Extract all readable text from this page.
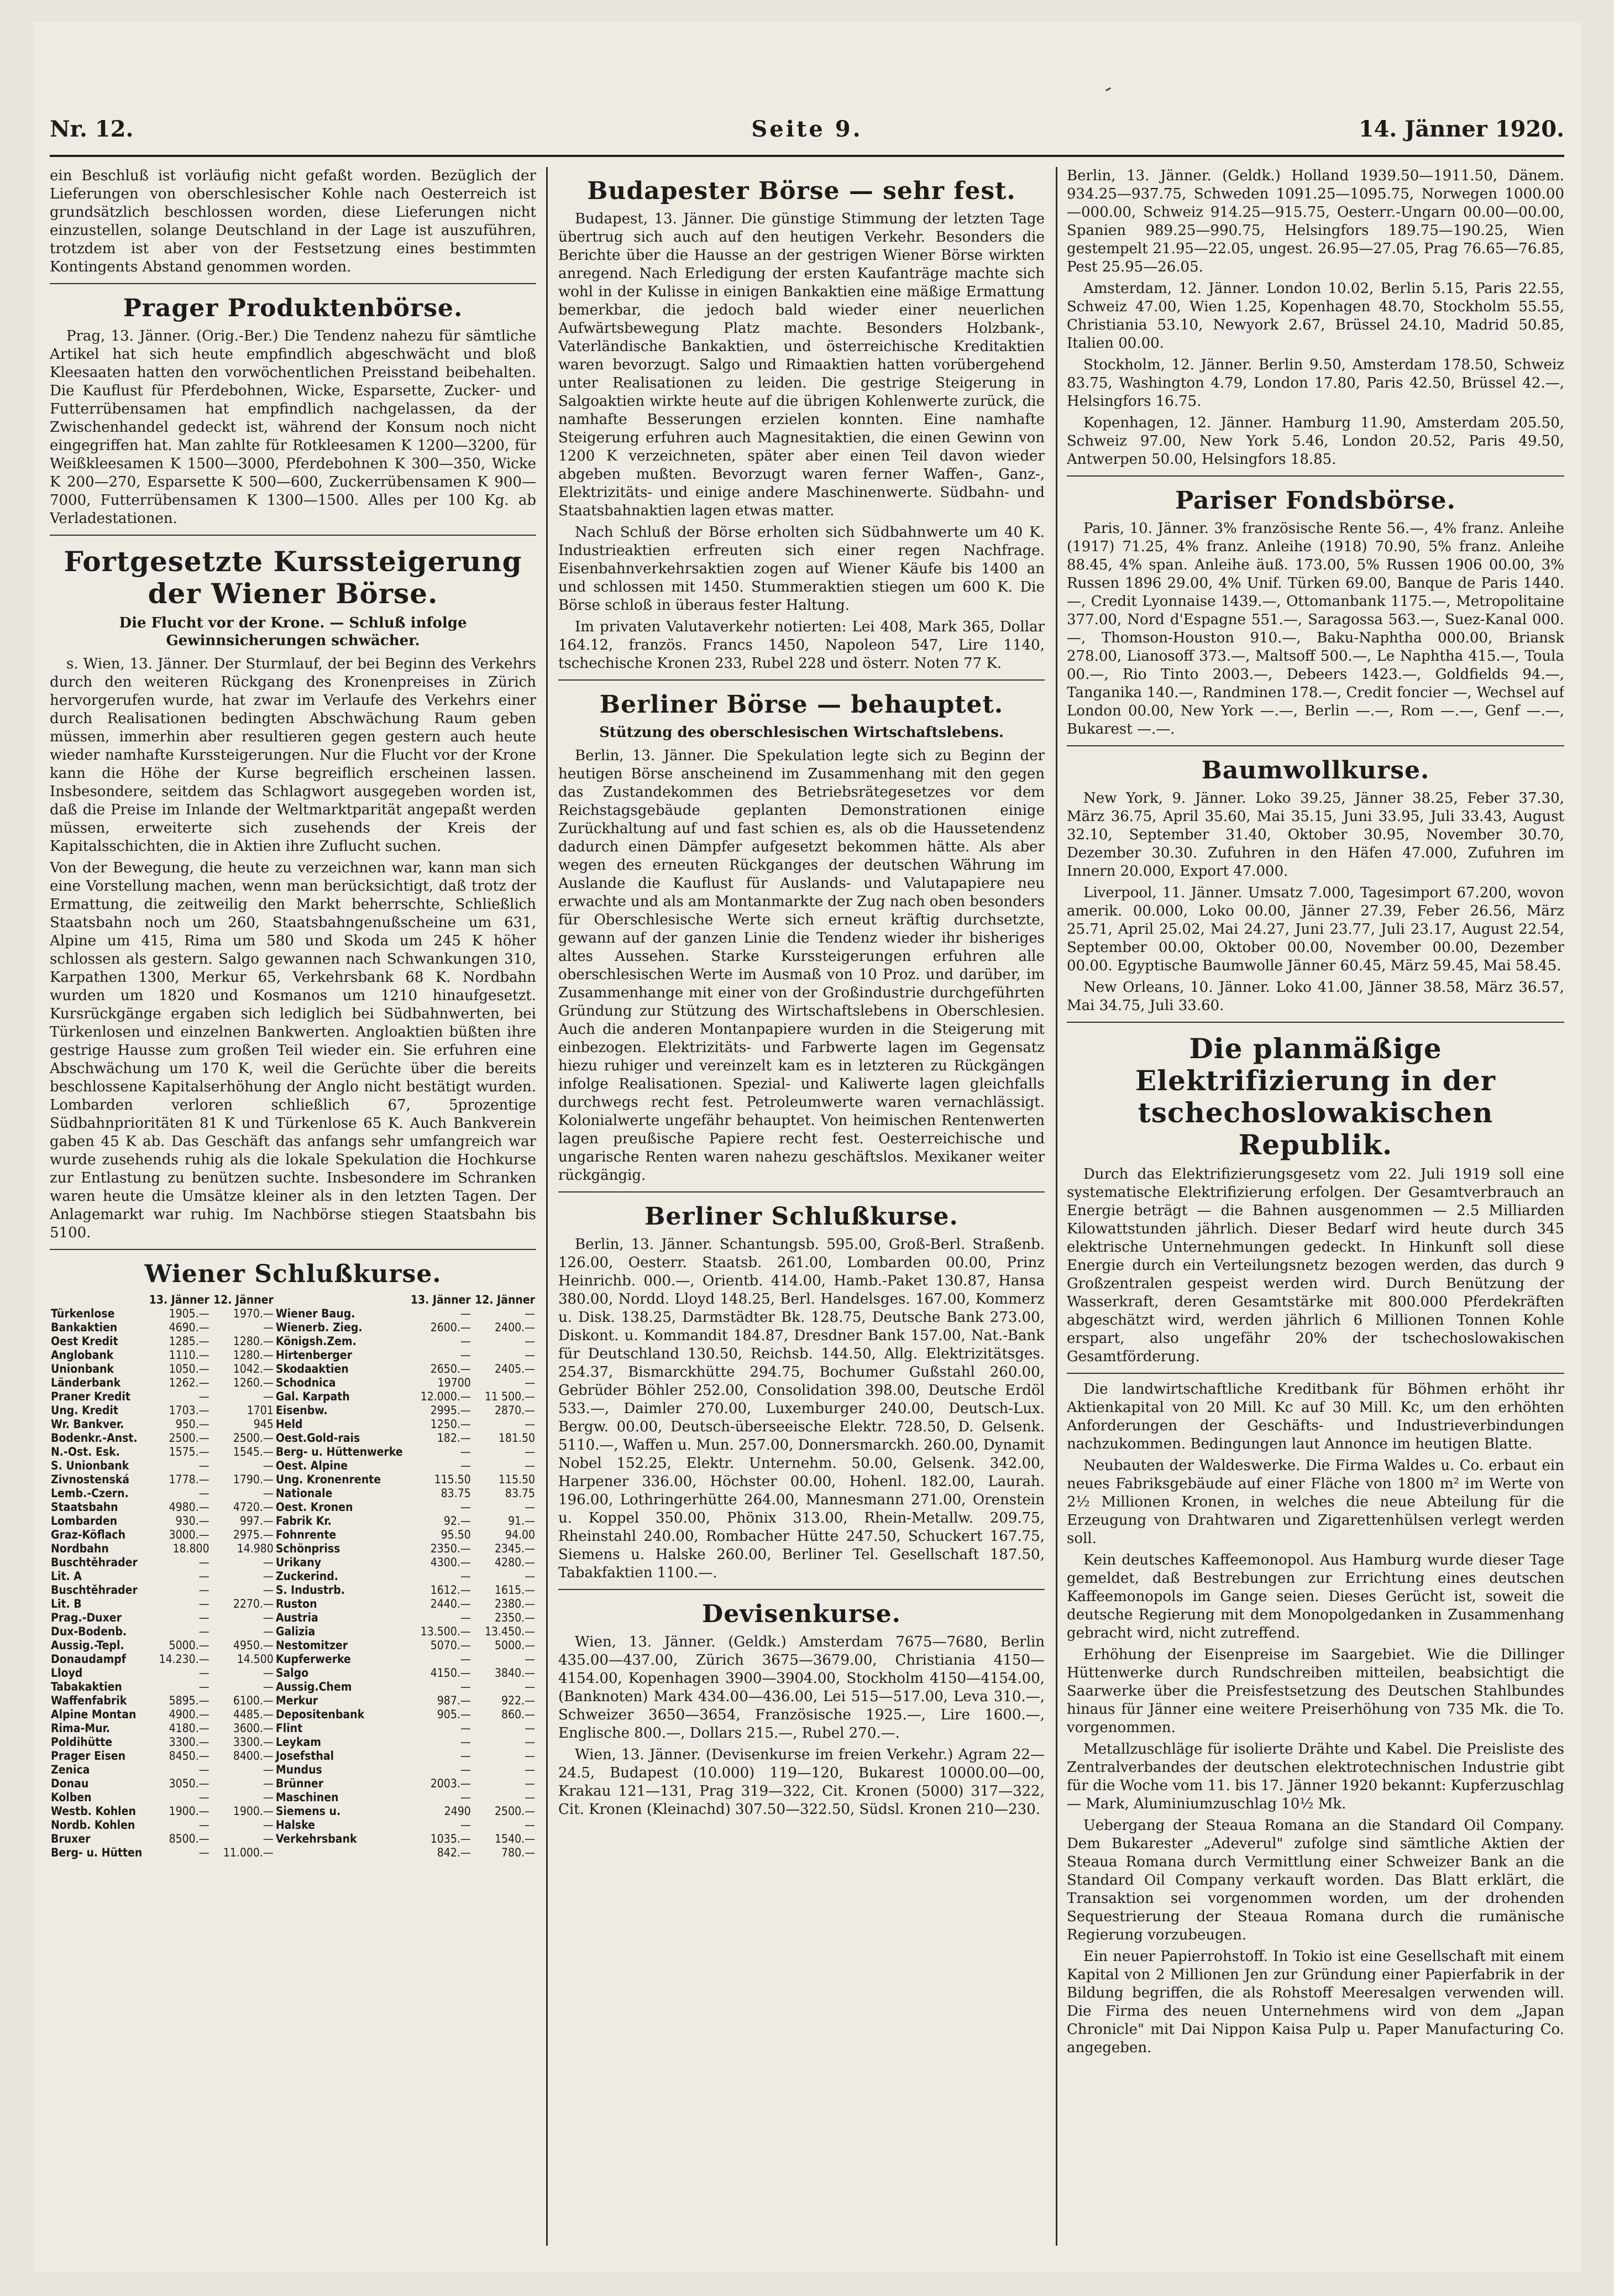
Nr. 12.	Seite 9.	14. Jänner 1920.

ein Beschluß ist vorläufig nicht gefaßt worden. Bezüglich der Lieferungen von oberschlesischer Kohle nach Oesterreich ist grundsätzlich beschlossen worden, diese Lieferungen nicht einzustellen, solange Deutschland in der Lage ist auszuführen, trotzdem ist aber von der Festsetzung eines bestimmten Kontingents Abstand genommen worden.

Prager Produktenbörse.

Prag, 13. Jänner. (Orig.-Ber.) Die Tendenz nahezu für sämtliche Artikel hat sich heute empfindlich abgeschwächt und bloß Kleesaaten hatten den vorwöchentlichen Preisstand beibehalten. Die Kauflust für Pferdebohnen, Wicke, Esparsette, Zucker- und Futterrübensamen hat empfindlich nachgelassen, da der Zwischenhandel gedeckt ist, während der Konsum noch nicht eingegriffen hat. Man zahlte für Rotkleesamen K 1200—3200, für Weißkleesamen K 1500—3000, Pferdebohnen K 300—350, Wicke K 200—270, Esparsette K 500—600, Zuckerrübensamen K 900—7000, Futterrübensamen K 1300—1500. Alles per 100 Kg. ab Verladestationen.

Fortgesetzte Kurssteigerung der Wiener Börse.
Die Flucht vor der Krone. — Schluß infolge Gewinnsicherungen schwächer.

s. Wien, 13. Jänner. Der Sturmlauf, der bei Beginn des Verkehrs durch den weiteren Rückgang des Kronenpreises in Zürich hervorgerufen wurde, hat zwar im Verlaufe des Verkehrs einer durch Realisationen bedingten Abschwächung Raum geben müssen, immerhin aber resultieren gegen gestern auch heute wieder namhafte Kurssteigerungen. Nur die Flucht vor der Krone kann die Höhe der Kurse begreiflich erscheinen lassen. Insbesondere, seitdem das Schlagwort ausgegeben worden ist, daß die Preise im Inlande der Weltmarktparität angepaßt werden müssen, erweiterte sich zusehends der Kreis der Kapitalsschichten, die in Aktien ihre Zuflucht suchen.

Von der Bewegung, die heute zu verzeichnen war, kann man sich eine Vorstellung machen, wenn man berücksichtigt, daß trotz der Ermattung, die zeitweilig den Markt beherrschte, Schließlich Staatsbahn noch um 260, Staatsbahngenußscheine um 631, Alpine um 415, Rima um 580 und Skoda um 245 K höher schlossen als gestern. Salgo gewannen nach Schwankungen 310, Karpathen 1300, Merkur 65, Verkehrsbank 68 K. Nordbahn wurden um 1820 und Kosmanos um 1210 hinaufgesetzt. Kursrückgänge ergaben sich lediglich bei Südbahnwerten, bei Türkenlosen und einzelnen Bankwerten. Angloaktien büßten ihre gestrige Hausse zum großen Teil wieder ein. Sie erfuhren eine Abschwächung um 170 K, weil die Gerüchte über die bereits beschlossene Kapitalserhöhung der Anglo nicht bestätigt wurden. Lombarden verloren schließlich 67, 5prozentige Südbahnprioritäten 81 K und Türkenlose 65 K. Auch Bankverein gaben 45 K ab. Das Geschäft das anfangs sehr umfangreich war wurde zusehends ruhig als die lokale Spekulation die Hochkurse zur Entlastung zu benützen suchte. Insbesondere im Schranken waren heute die Umsätze kleiner als in den letzten Tagen. Der Anlagemarkt war ruhig. Im Nachbörse stiegen Staatsbahn bis 5100.

Wiener Schlußkurse.
	13. Jänner	12. Jänner		13. Jänner	12. Jänner
Türkenlose	1905.—	1970.—	Wiener Baug.	—	—
Bankaktien	4690.—	—	Wienerb. Zieg.	2600.—	2400.—
Oest Kredit	1285.—	1280.—	Königsh.Zem.	—	—
Anglobank	1110.—	1280.—	Hirtenberger	—	—
Unionbank	1050.—	1042.—	Skodaaktien	2650.—	2405.—
Länderbank	1262.—	1260.—	Schodnica	19700	—
Praner Kredit	—	—	Gal. Karpath	12.000.—	11 500.—
Ung. Kredit	1703.—	1701	Eisenbw.	2995.—	2870.—
Wr. Bankver.	950.—	945	Held	1250.—	—
Bodenkr.-Anst.	2500.—	2500.—	Oest.Gold-rais	182.—	181.50
N.-Ost. Esk.	1575.—	1545.—	Berg- u. Hüttenwerke	—	—
S. Unionbank	—	—	Oest. Alpine	—	—
Zivnostenská	1778.—	1790.—	Ung. Kronenrente	115.50	115.50
Lemb.-Czern.	—	—	Nationale	83.75	83.75
Staatsbahn	4980.—	4720.—	Oest. Kronen	—	—
Lombarden	930.—	997.—	Fabrik Kr.	92.—	91.—
Graz-Köflach	3000.—	2975.—	Fohnrente	95.50	94.00
Nordbahn	18.800	14.980	Schönpriss	2350.—	2345.—
Buschtěhrader	—	—	Urikany	4300.—	4280.—
Lit. A	—	—	Zuckerind.	—	—
Buschtěhrader	—	—	S. Industrb.	1612.—	1615.—
Lit. B	—	2270.—	Ruston	2440.—	2380.—
Prag.-Duxer	—	—	Austria	—	2350.—
Dux-Bodenb.	—	—	Galizia	13.500.—	13.450.—
Aussig.-Tepl.	5000.—	4950.—	Nestomitzer	5070.—	5000.—
Donaudampf	14.230.—	14.500	Kupferwerke	—	—
Lloyd	—	—	Salgo	4150.—	3840.—
Tabakaktien	—	—	Aussig.Chem	—	—
Waffenfabrik	5895.—	6100.—	Merkur	987.—	922.—
Alpine Montan	4900.—	4485.—	Depositenbank	905.—	860.—
Rima-Mur.	4180.—	3600.—	Flint	—	—
Poldihütte	3300.—	3300.—	Leykam	—	—
Prager Eisen	8450.—	8400.—	Josefsthal	—	—
Zenica	—	—	Mundus	—	—
Donau	3050.—	—	Brünner	2003.—	—
Kolben	—	—	Maschinen	—	—
Westb. Kohlen	1900.—	1900.—	Siemens u.	2490	2500.—
Nordb. Kohlen	—	—	Halske	—	—
Bruxer	8500.—	—	Verkehrsbank	1035.—	1540.—
Berg- u. Hütten	—	11.000.—		842.—	780.—
Budapester Börse — sehr fest.

Budapest, 13. Jänner. Die günstige Stimmung der letzten Tage übertrug sich auch auf den heutigen Verkehr. Besonders die Berichte über die Hausse an der gestrigen Wiener Börse wirkten anregend. Nach Erledigung der ersten Kaufanträge machte sich wohl in der Kulisse in einigen Bankaktien eine mäßige Ermattung bemerkbar, die jedoch bald wieder einer neuerlichen Aufwärtsbewegung Platz machte. Besonders Holzbank-, Vaterländische Bankaktien, und österreichische Kreditaktien waren bevorzugt. Salgo und Rimaaktien hatten vorübergehend unter Realisationen zu leiden. Die gestrige Steigerung in Salgoaktien wirkte heute auf die übrigen Kohlenwerte zurück, die namhafte Besserungen erzielen konnten. Eine namhafte Steigerung erfuhren auch Magnesitaktien, die einen Gewinn von 1200 K verzeichneten, später aber einen Teil davon wieder abgeben mußten. Bevorzugt waren ferner Waffen-, Ganz-, Elektrizitäts- und einige andere Maschinenwerte. Südbahn- und Staatsbahnaktien lagen etwas matter.

Nach Schluß der Börse erholten sich Südbahnwerte um 40 K. Industrieaktien erfreuten sich einer regen Nachfrage. Eisenbahnverkehrsaktien zogen auf Wiener Käufe bis 1400 an und schlossen mit 1450. Stummeraktien stiegen um 600 K. Die Börse schloß in überaus fester Haltung.

Im privaten Valutaverkehr notierten: Lei 408, Mark 365, Dollar 164.12, französ. Francs 1450, Napoleon 547, Lire 1140, tschechische Kronen 233, Rubel 228 und österr. Noten 77 K.

Berliner Börse — behauptet.
Stützung des oberschlesischen Wirtschaftslebens.

Berlin, 13. Jänner. Die Spekulation legte sich zu Beginn der heutigen Börse anscheinend im Zusammenhang mit den gegen das Zustandekommen des Betriebsrätegesetzes vor dem Reichstagsgebäude geplanten Demonstrationen einige Zurückhaltung auf und fast schien es, als ob die Haussetendenz dadurch einen Dämpfer aufgesetzt bekommen hätte. Als aber wegen des erneuten Rückganges der deutschen Währung im Auslande die Kauflust für Auslands- und Valutapapiere neu erwachte und als am Montanmarkte der Zug nach oben besonders für Oberschlesische Werte sich erneut kräftig durchsetzte, gewann auf der ganzen Linie die Tendenz wieder ihr bisheriges altes Aussehen. Starke Kurssteigerungen erfuhren alle oberschlesischen Werte im Ausmaß von 10 Proz. und darüber, im Zusammenhange mit einer von der Großindustrie durchgeführten Gründung zur Stützung des Wirtschaftslebens in Oberschlesien. Auch die anderen Montanpapiere wurden in die Steigerung mit einbezogen. Elektrizitäts- und Farbwerte lagen im Gegensatz hiezu ruhiger und vereinzelt kam es in letzteren zu Rückgängen infolge Realisationen. Spezial- und Kaliwerte lagen gleichfalls durchwegs recht fest. Petroleumwerte waren vernachlässigt. Kolonialwerte ungefähr behauptet. Von heimischen Rentenwerten lagen preußische Papiere recht fest. Oesterreichische und ungarische Renten waren nahezu geschäftslos. Mexikaner weiter rückgängig.

Berliner Schlußkurse.

Berlin, 13. Jänner. Schantungsb. 595.00, Groß-Berl. Straßenb. 126.00, Oesterr. Staatsb. 261.00, Lombarden 00.00, Prinz Heinrichb. 000.—, Orientb. 414.00, Hamb.-Paket 130.87, Hansa 380.00, Nordd. Lloyd 148.25, Berl. Handelsges. 167.00, Kommerz u. Disk. 138.25, Darmstädter Bk. 128.75, Deutsche Bank 273.00, Diskont. u. Kommandit 184.87, Dresdner Bank 157.00, Nat.-Bank für Deutschland 130.50, Reichsb. 144.50, Allg. Elektrizitätsges. 254.37, Bismarckhütte 294.75, Bochumer Gußstahl 260.00, Gebrüder Böhler 252.00, Consolidation 398.00, Deutsche Erdöl 533.—, Daimler 270.00, Luxemburger 240.00, Deutsch-Lux. Bergw. 00.00, Deutsch-überseeische Elektr. 728.50, D. Gelsenk. 5110.—, Waffen u. Mun. 257.00, Donnersmarckh. 260.00, Dynamit Nobel 152.25, Elektr. Unternehm. 50.00, Gelsenk. 342.00, Harpener 336.00, Höchster 00.00, Hohenl. 182.00, Laurah. 196.00, Lothringerhütte 264.00, Mannesmann 271.00, Orenstein u. Koppel 350.00, Phönix 313.00, Rhein-Metallw. 209.75, Rheinstahl 240.00, Rombacher Hütte 247.50, Schuckert 167.75, Siemens u. Halske 260.00, Berliner Tel. Gesellschaft 187.50, Tabakfaktien 1100.—.

Devisenkurse.

Wien, 13. Jänner. (Geldk.) Amsterdam 7675—7680, Berlin 435.00—437.00, Zürich 3675—3679.00, Christiania 4150—4154.00, Kopenhagen 3900—3904.00, Stockholm 4150—4154.00, (Banknoten) Mark 434.00—436.00, Lei 515—517.00, Leva 310.—, Schweizer 3650—3654, Französische 1925.—, Lire 1600.—, Englische 800.—, Dollars 215.—, Rubel 270.—.

Wien, 13. Jänner. (Devisenkurse im freien Verkehr.) Agram 22—24.5, Budapest (10.000) 119—120, Bukarest 10000.00—00, Krakau 121—131, Prag 319—322, Cit. Kronen (5000) 317—322, Cit. Kronen (Kleinachd) 307.50—322.50, Südsl. Kronen 210—230.

Berlin, 13. Jänner. (Geldk.) Holland 1939.50—1911.50, Dänem. 934.25—937.75, Schweden 1091.25—1095.75, Norwegen 1000.00—000.00, Schweiz 914.25—915.75, Oesterr.-Ungarn 00.00—00.00, Spanien 989.25—990.75, Helsingfors 189.75—190.25, Wien gestempelt 21.95—22.05, ungest. 26.95—27.05, Prag 76.65—76.85, Pest 25.95—26.05.

Amsterdam, 12. Jänner. London 10.02, Berlin 5.15, Paris 22.55, Schweiz 47.00, Wien 1.25, Kopenhagen 48.70, Stockholm 55.55, Christiania 53.10, Newyork 2.67, Brüssel 24.10, Madrid 50.85, Italien 00.00.

Stockholm, 12. Jänner. Berlin 9.50, Amsterdam 178.50, Schweiz 83.75, Washington 4.79, London 17.80, Paris 42.50, Brüssel 42.—, Helsingfors 16.75.

Kopenhagen, 12. Jänner. Hamburg 11.90, Amsterdam 205.50, Schweiz 97.00, New York 5.46, London 20.52, Paris 49.50, Antwerpen 50.00, Helsingfors 18.85.

Pariser Fondsbörse.

Paris, 10. Jänner. 3% französische Rente 56.—, 4% franz. Anleihe (1917) 71.25, 4% franz. Anleihe (1918) 70.90, 5% franz. Anleihe 88.45, 4% span. Anleihe äuß. 173.00, 5% Russen 1906 00.00, 3% Russen 1896 29.00, 4% Unif. Türken 69.00, Banque de Paris 1440.—, Credit Lyonnaise 1439.—, Ottomanbank 1175.—, Metropolitaine 377.00, Nord d'Espagne 551.—, Saragossa 563.—, Suez-Kanal 000.—, Thomson-Houston 910.—, Baku-Naphtha 000.00, Briansk 278.00, Lianosoff 373.—, Maltsoff 500.—, Le Naphtha 415.—, Toula 00.—, Rio Tinto 2003.—, Debeers 1423.—, Goldfields 94.—, Tanganika 140.—, Randminen 178.—, Credit foncier —, Wechsel auf London 00.00, New York —.—, Berlin —.—, Rom —.—, Genf —.—, Bukarest —.—.

Baumwollkurse.

New York, 9. Jänner. Loko 39.25, Jänner 38.25, Feber 37.30, März 36.75, April 35.60, Mai 35.15, Juni 33.95, Juli 33.43, August 32.10, September 31.40, Oktober 30.95, November 30.70, Dezember 30.30. Zufuhren in den Häfen 47.000, Zufuhren im Innern 20.000, Export 47.000.

Liverpool, 11. Jänner. Umsatz 7.000, Tagesimport 67.200, wovon amerik. 00.000, Loko 00.00, Jänner 27.39, Feber 26.56, März 25.71, April 25.02, Mai 24.27, Juni 23.77, Juli 23.17, August 22.54, September 00.00, Oktober 00.00, November 00.00, Dezember 00.00. Egyptische Baumwolle Jänner 60.45, März 59.45, Mai 58.45.

New Orleans, 10. Jänner. Loko 41.00, Jänner 38.58, März 36.57, Mai 34.75, Juli 33.60.

Die planmäßige Elektrifizierung in der tschechoslowakischen Republik.

Durch das Elektrifizierungsgesetz vom 22. Juli 1919 soll eine systematische Elektrifizierung erfolgen. Der Gesamtverbrauch an Energie beträgt — die Bahnen ausgenommen — 2.5 Milliarden Kilowattstunden jährlich. Dieser Bedarf wird heute durch 345 elektrische Unternehmungen gedeckt. In Hinkunft soll diese Energie durch ein Verteilungsnetz bezogen werden, das durch 9 Großzentralen gespeist werden wird. Durch Benützung der Wasserkraft, deren Gesamtstärke mit 800.000 Pferdekräften abgeschätzt wird, werden jährlich 6 Millionen Tonnen Kohle erspart, also ungefähr 20% der tschechoslowakischen Gesamtförderung.

Die landwirtschaftliche Kreditbank für Böhmen erhöht ihr Aktienkapital von 20 Mill. Kc auf 30 Mill. Kc, um den erhöhten Anforderungen der Geschäfts- und Industrieverbindungen nachzukommen. Bedingungen laut Annonce im heutigen Blatte.

Neubauten der Waldeswerke. Die Firma Waldes u. Co. erbaut ein neues Fabriksgebäude auf einer Fläche von 1800 m² im Werte von 2½ Millionen Kronen, in welches die neue Abteilung für die Erzeugung von Drahtwaren und Zigarettenhülsen verlegt werden soll.

Kein deutsches Kaffeemonopol. Aus Hamburg wurde dieser Tage gemeldet, daß Bestrebungen zur Errichtung eines deutschen Kaffeemonopols im Gange seien. Dieses Gerücht ist, soweit die deutsche Regierung mit dem Monopolgedanken in Zusammenhang gebracht wird, nicht zutreffend.

Erhöhung der Eisenpreise im Saargebiet. Wie die Dillinger Hüttenwerke durch Rundschreiben mitteilen, beabsichtigt die Saarwerke über die Preisfestsetzung des Deutschen Stahlbundes hinaus für Jänner eine weitere Preiserhöhung von 735 Mk. die To. vorgenommen.

Metallzuschläge für isolierte Drähte und Kabel. Die Preisliste des Zentralverbandes der deutschen elektrotechnischen Industrie gibt für die Woche vom 11. bis 17. Jänner 1920 bekannt: Kupferzuschlag — Mark, Aluminiumzuschlag 10½ Mk.

Uebergang der Steaua Romana an die Standard Oil Company. Dem Bukarester „Adeverul" zufolge sind sämtliche Aktien der Steaua Romana durch Vermittlung einer Schweizer Bank an die Standard Oil Company verkauft worden. Das Blatt erklärt, die Transaktion sei vorgenommen worden, um der drohenden Sequestrierung der Steaua Romana durch die rumänische Regierung vorzubeugen.

Ein neuer Papierrohstoff. In Tokio ist eine Gesellschaft mit einem Kapital von 2 Millionen Jen zur Gründung einer Papierfabrik in der Bildung begriffen, die als Rohstoff Meeresalgen verwenden will. Die Firma des neuen Unternehmens wird von dem „Japan Chronicle" mit Dai Nippon Kaisa Pulp u. Paper Manufacturing Co. angegeben.
